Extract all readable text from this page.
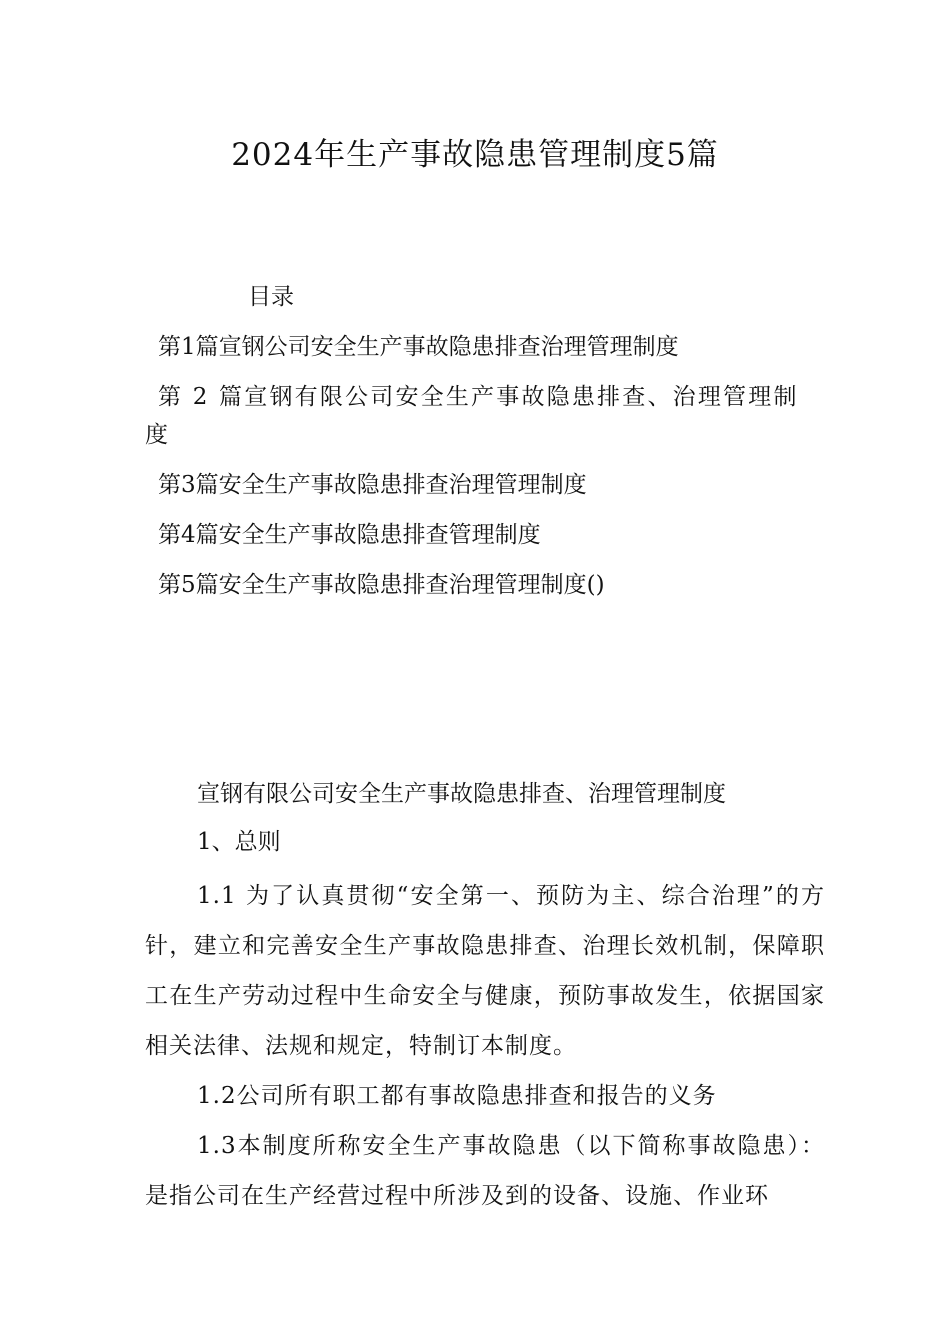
2024年生产事故隐患管理制度5篇
目录
第1篇宣钢公司安全生产事故隐患排查治理管理制度
第 2 篇宣钢有限公司安全生产事故隐患排查、治理管理制度
第3篇安全生产事故隐患排查治理管理制度
第4篇安全生产事故隐患排查管理制度
第5篇安全生产事故隐患排查治理管理制度()
宣钢有限公司安全生产事故隐患排查、治理管理制度
1、总则

1.1 为了认真贯彻“安全第一、预防为主、综合治理”的方针，建立和完善安全生产事故隐患排查、治理长效机制，保障职工在生产劳动过程中生命安全与健康，预防事故发生，依据国家相关法律、法规和规定，特制订本制度。

1.2公司所有职工都有事故隐患排查和报告的义务

1.3本制度所称安全生产事故隐患（以下简称事故隐患）：是指公司在生产经营过程中所涉及到的设备、设施、作业环
